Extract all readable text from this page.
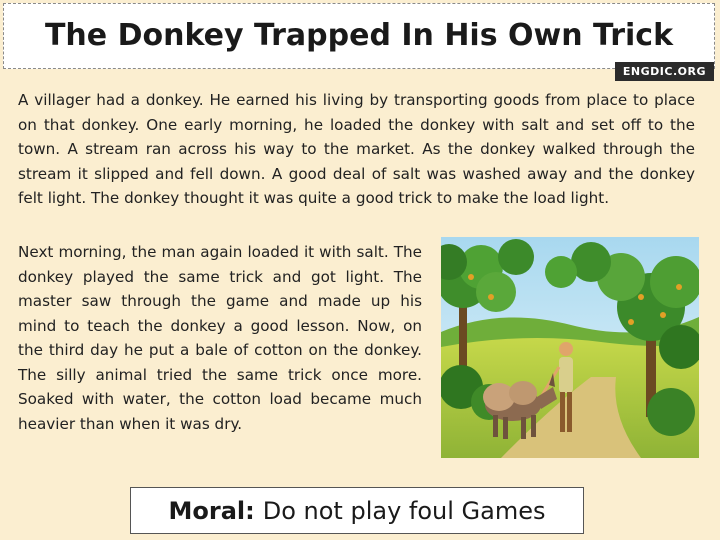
The Donkey Trapped In His Own Trick
ENGDIC.ORG
A villager had a donkey. He earned his living by transporting goods from place to place on that donkey. One early morning, he loaded the donkey with salt and set off to the town. A stream ran across his way to the market. As the donkey walked through the stream it slipped and fell down. A good deal of salt was washed away and the donkey felt light. The donkey thought it was quite a good trick to make the load light.
Next morning, the man again loaded it with salt. The donkey played the same trick and got light. The master saw through the game and made up his mind to teach the donkey a good lesson. Now, on the third day he put a bale of cotton on the donkey. The silly animal tried the same trick once more. Soaked with water, the cotton load became much heavier than when it was dry.
Moral: Do not play foul Games
